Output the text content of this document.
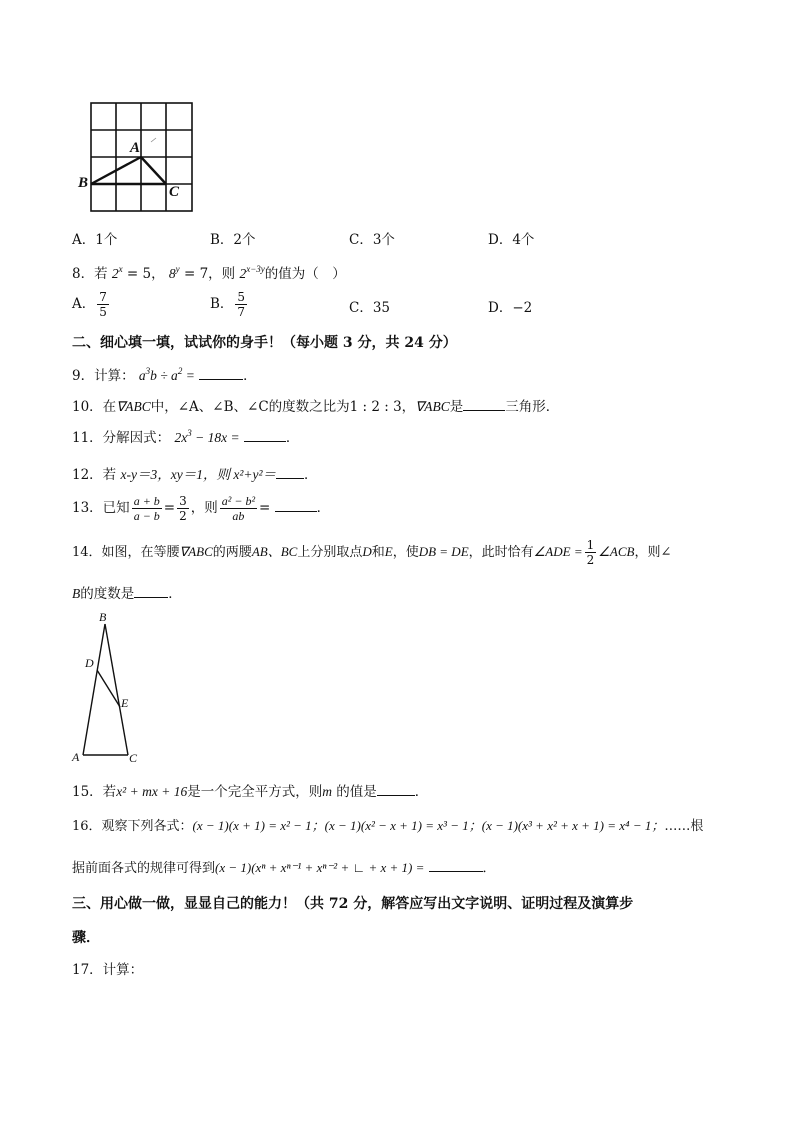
A
B
C
A．1个	B．2个	C．3个	D．4个
8．若 $2^x = 5$， $8^y = 7$，则 $2^{x-3y}$的值为（　）
A． $\frac{7}{5}$	B． $\frac{5}{7}$	C．35	D．−2
二、细心填一填，试试你的身手！（每小题 3 分，共 24 分）
9．计算： $a^3b \div a^2$ =	．
10．在∇ABC中，∠A、∠B、∠C的度数之比为1 : 2 : 3，∇ABC是	三角形．
11．分解因式： $2x^3 - 18x$ =	．
12．若 x-y＝3，xy＝1，则 x²+y²＝ ．
13．已知 $\frac{a + b}{a - b} = \frac{3}{2}$ ，则 $\frac{\text{a² − b²}}{ab}$ =	．
14．如图，在等腰∇ABC的两腰AB、BC上分别取点D和E，使DB = DE，此时恰有∠ADE = $\frac{1}{2}$ ∠ACB，则∠
B的度数是	．
B
D
E
A	C
15．若x² + mx + 16是一个完全平方式，则m 的值是	．
16．观察下列各式：(x − 1)(x + 1) = x² − 1；(x − 1)(x² − x + 1) = x³ − 1；(x − 1)(x³ + x² + x + 1) = x⁴ − 1；……根
据前面各式的规律可得到(x − 1)(xⁿ + xⁿ⁻¹ + xⁿ⁻² + ∟ + x + 1) =	．
三、用心做一做，显显自己的能力！（共 72 分，解答应写出文字说明、证明过程及演算步
骤．
17．计算：
